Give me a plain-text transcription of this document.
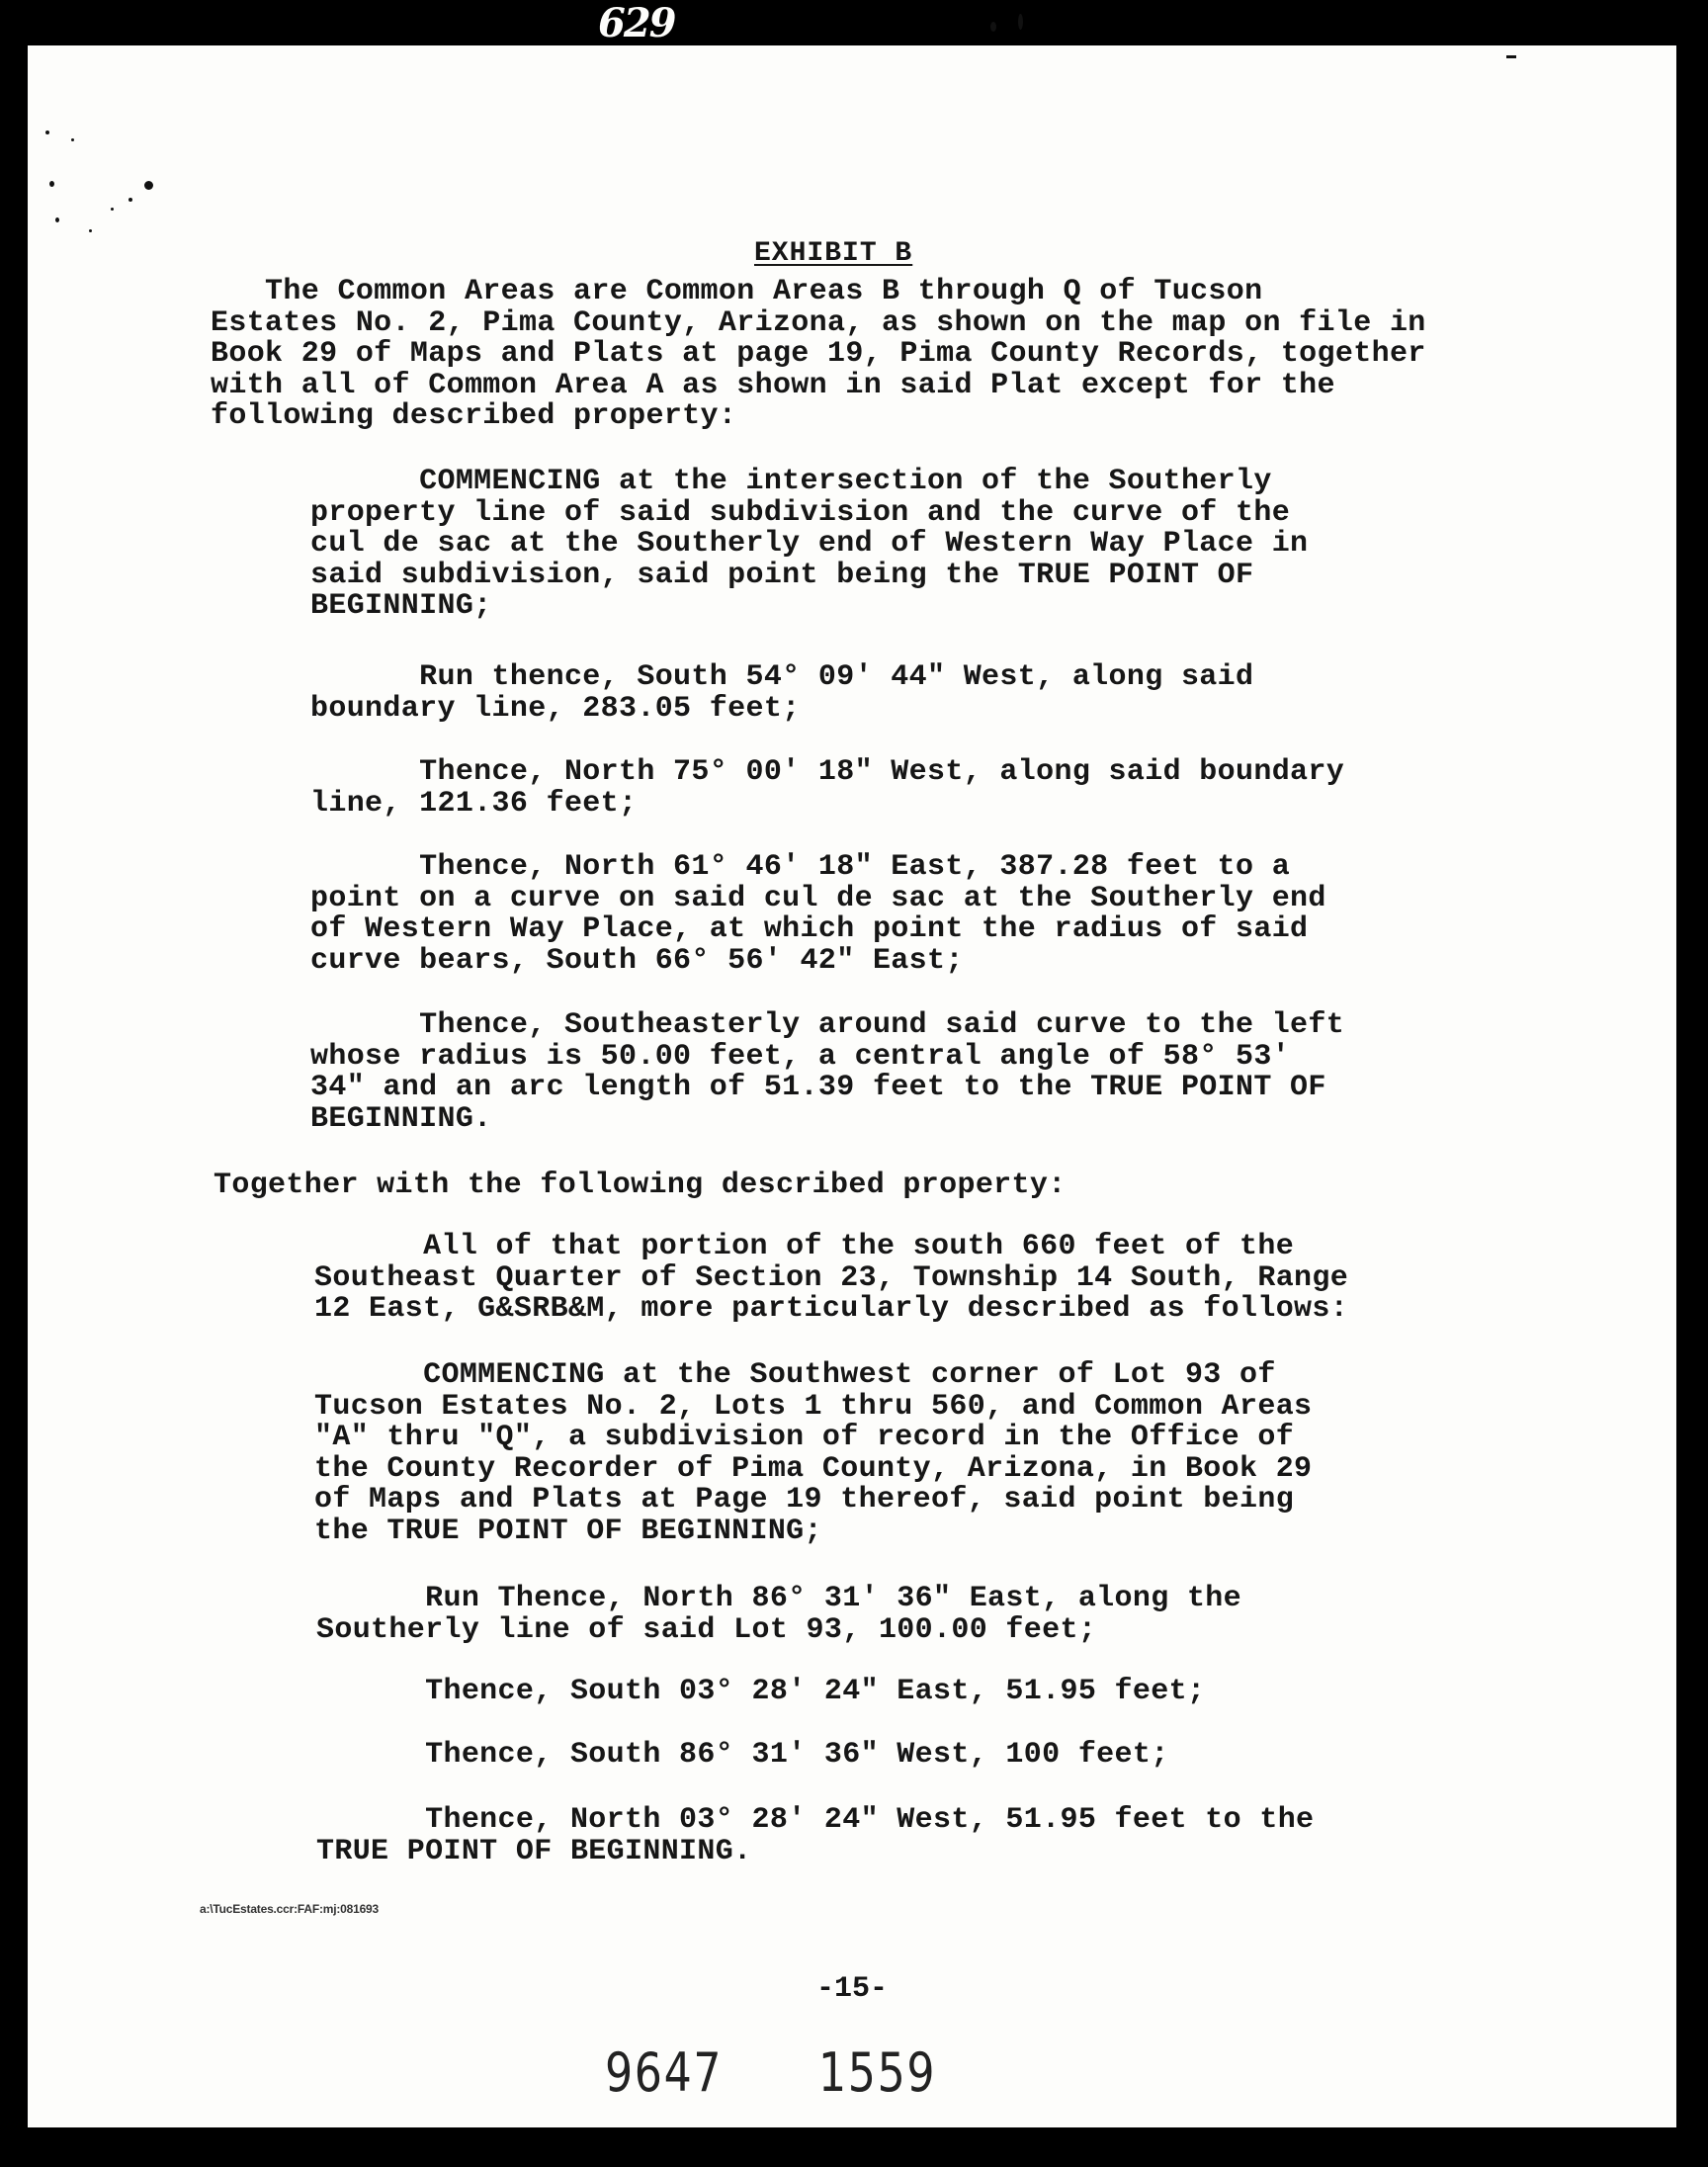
629
EXHIBIT B
The Common Areas are Common Areas B through Q of Tucson
Estates No. 2, Pima County, Arizona, as shown on the map on file in
Book 29 of Maps and Plats at page 19, Pima County Records, together
with all of Common Area A as shown in said Plat except for the
following described property:
COMMENCING at the intersection of the Southerly
property line of said subdivision and the curve of the
cul de sac at the Southerly end of Western Way Place in
said subdivision, said point being the TRUE POINT OF
BEGINNING;
Run thence, South 54° 09' 44" West, along said
boundary line, 283.05 feet;
Thence, North 75° 00' 18" West, along said boundary
line, 121.36 feet;
Thence, North 61° 46' 18" East, 387.28 feet to a
point on a curve on said cul de sac at the Southerly end
of Western Way Place, at which point the radius of said
curve bears, South 66° 56' 42" East;
Thence, Southeasterly around said curve to the left
whose radius is 50.00 feet, a central angle of 58° 53'
34" and an arc length of 51.39 feet to the TRUE POINT OF
BEGINNING.
Together with the following described property:
All of that portion of the south 660 feet of the
Southeast Quarter of Section 23, Township 14 South, Range
12 East, G&SRB&M, more particularly described as follows:
COMMENCING at the Southwest corner of Lot 93 of
Tucson Estates No. 2, Lots 1 thru 560, and Common Areas
"A" thru "Q", a subdivision of record in the Office of
the County Recorder of Pima County, Arizona, in Book 29
of Maps and Plats at Page 19 thereof, said point being
the TRUE POINT OF BEGINNING;
Run Thence, North 86° 31' 36" East, along the
Southerly line of said Lot 93, 100.00 feet;
Thence, South 03° 28' 24" East, 51.95 feet;
Thence, South 86° 31' 36" West, 100 feet;
Thence, North 03° 28' 24" West, 51.95 feet to the
TRUE POINT OF BEGINNING.
a:\TucEstates.ccr:FAF:mj:081693
-15-
9647 1559
